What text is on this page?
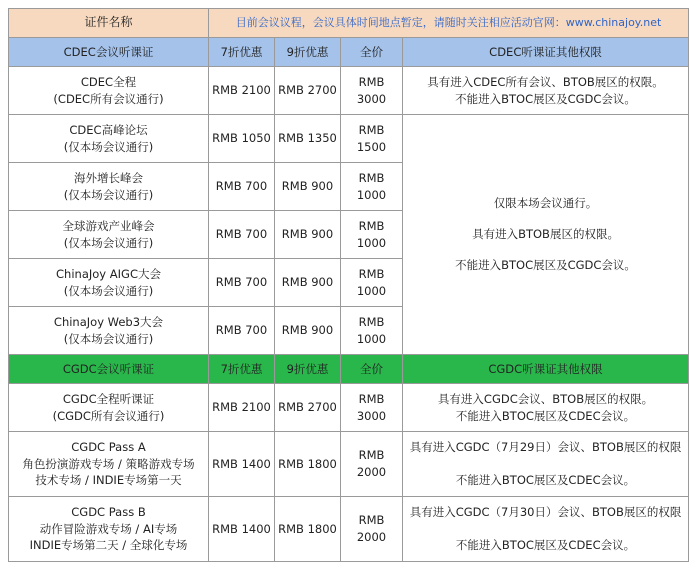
证件名称	目前会议议程，会议具体时间地点暂定，请随时关注相应活动官网：www.chinajoy.net			
CDEC会议听课证	7折优惠	9折优惠	全价	CDEC听课证其他权限

CDEC全程
(CDEC所有会议通行)	RMB 2100	RMB 2700	RMB 3000	具有进入CDEC所有会议、BTOB展区的权限。
不能进入BTOC展区及CGDC会议。

CDEC高峰论坛
(仅本场会议通行)	RMB 1050	RMB 1350	RMB 1500	仅限本场会议通行。
具有进入BTOB展区的权限。
不能进入BTOC展区及CGDC会议。

海外增长峰会
(仅本场会议通行)	RMB 700	RMB 900	RMB 1000	

全球游戏产业峰会
(仅本场会议通行)	RMB 700	RMB 900	RMB 1000	

ChinaJoy AIGC大会
(仅本场会议通行)	RMB 700	RMB 900	RMB 1000	

ChinaJoy Web3大会
(仅本场会议通行)	RMB 700	RMB 900	RMB 1000	
CGDC会议听课证	7折优惠	9折优惠	全价	CGDC听课证其他权限

CGDC全程听课证
(CGDC所有会议通行)	RMB 2100	RMB 2700	RMB 3000	具有进入CGDC会议、BTOB展区的权限。
不能进入BTOC展区及CDEC会议。

CGDC Pass A
角色扮演游戏专场 / 策略游戏专场
技术专场 / INDIE专场第一天	RMB 1400	RMB 1800	RMB 2000	具有进入CGDC（7月29日）会议、BTOB展区的权限
不能进入BTOC展区及CDEC会议。

CGDC Pass B
动作冒险游戏专场 / AI专场
INDIE专场第二天 / 全球化专场	RMB 1400	RMB 1800	RMB 2000	具有进入CGDC（7月30日）会议、BTOB展区的权限
不能进入BTOC展区及CDEC会议。
